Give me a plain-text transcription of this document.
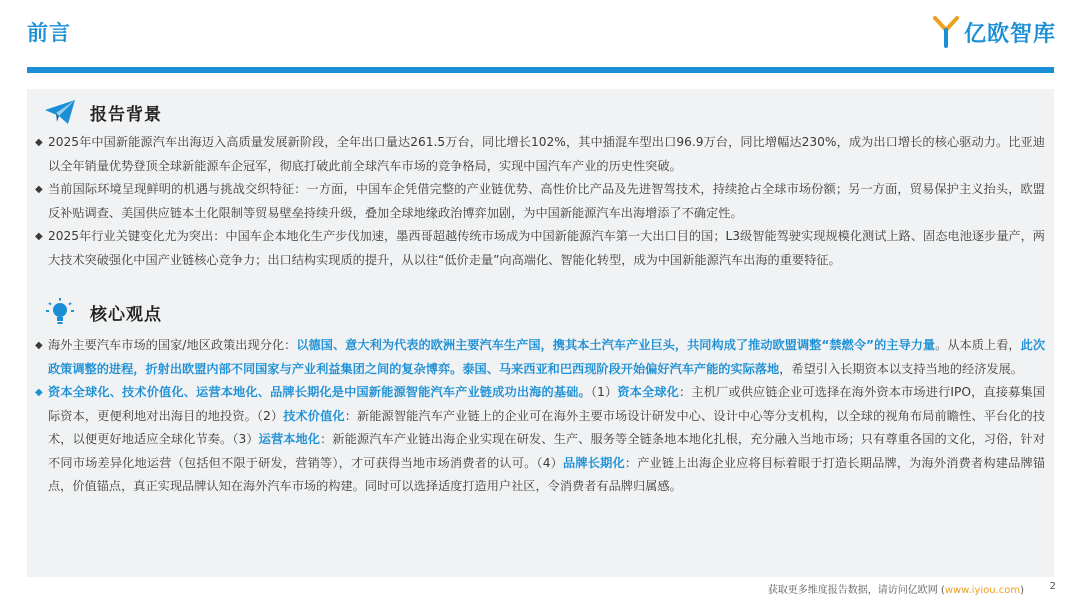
前言	亿欧智库
报告背景
◆ 2025年中国新能源汽车出海迈入高质量发展新阶段，全年出口量达261.5万台，同比增长102%，其中插混车型出口96.9万台，同比增幅达230%，成为出口增长的核心驱动力。比亚迪以全年销量优势登顶全球新能源车企冠军，彻底打破此前全球汽车市场的竞争格局，实现中国汽车产业的历史性突破。
◆ 当前国际环境呈现鲜明的机遇与挑战交织特征：一方面，中国车企凭借完整的产业链优势、高性价比产品及先进智驾技术，持续抢占全球市场份额；另一方面，贸易保护主义抬头，欧盟反补贴调查、美国供应链本土化限制等贸易壁垒持续升级，叠加全球地缘政治博弈加剧，为中国新能源汽车出海增添了不确定性。
◆ 2025年行业关键变化尤为突出：中国车企本地化生产步伐加速，墨西哥超越传统市场成为中国新能源汽车第一大出口目的国；L3级智能驾驶实现规模化测试上路、固态电池逐步量产，两大技术突破强化中国产业链核心竞争力；出口结构实现质的提升，从以往“低价走量”向高端化、智能化转型，成为中国新能源汽车出海的重要特征。
核心观点
◆ 海外主要汽车市场的国家/地区政策出现分化：以德国、意大利为代表的欧洲主要汽车生产国，携其本土汽车产业巨头，共同构成了推动欧盟调整“禁燃令”的主导力量。从本质上看，此次政策调整的进程，折射出欧盟内部不同国家与产业利益集团之间的复杂博弈。泰国、马来西亚和巴西现阶段开始偏好汽车产能的实际落地，希望引入长期资本以支持当地的经济发展。
◆ 资本全球化、技术价值化、运营本地化、品牌长期化是中国新能源智能汽车产业链成功出海的基础。（1）资本全球化：主机厂或供应链企业可选择在海外资本市场进行IPO，直接募集国际资本，更便利地对出海目的地投资。（2）技术价值化：新能源智能汽车产业链上的企业可在海外主要市场设计研发中心、设计中心等分支机构，以全球的视角布局前瞻性、平台化的技术，以便更好地适应全球化节奏。（3）运营本地化：新能源汽车产业链出海企业实现在研发、生产、服务等全链条地本地化扎根，充分融入当地市场；只有尊重各国的文化，习俗，针对不同市场差异化地运营（包括但不限于研发，营销等），才可获得当地市场消费者的认可。（4）品牌长期化：产业链上出海企业应将目标着眼于打造长期品牌，为海外消费者构建品牌锚点，价值锚点，真正实现品牌认知在海外汽车市场的构建。同时可以选择适度打造用户社区，令消费者有品牌归属感。
获取更多维度报告数据，请访问亿欧网 (www.iyiou.com)	2
